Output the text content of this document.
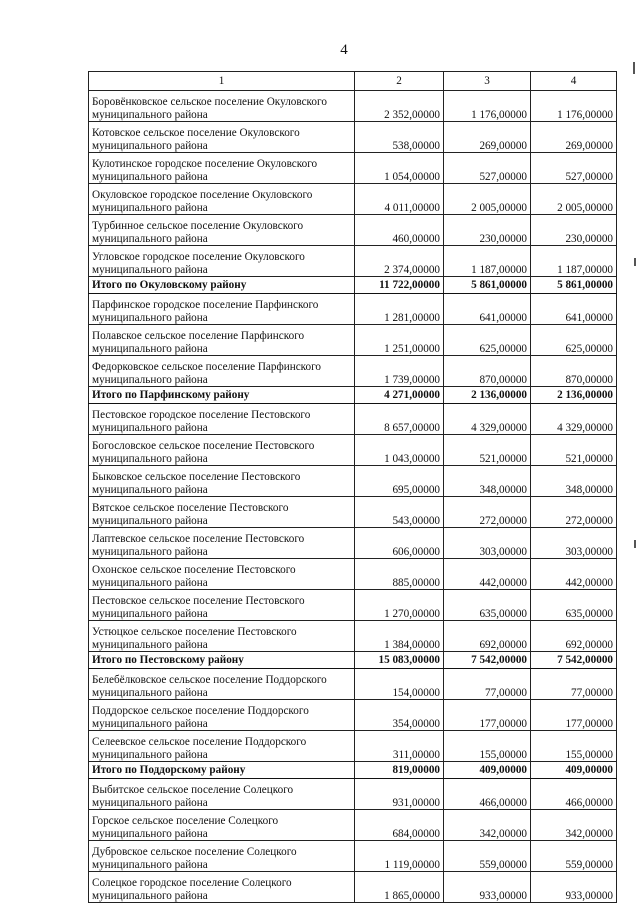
4
1	2	3	4
Боровёнковское сельское поселение Окуловского муниципального района	2 352,00000	1 176,00000	1 176,00000
Котовское сельское поселение Окуловского муниципального района	538,00000	269,00000	269,00000
Кулотинское городское поселение Окуловского муниципального района	1 054,00000	527,00000	527,00000
Окуловское городское поселение Окуловского муниципального района	4 011,00000	2 005,00000	2 005,00000
Турбинное сельское поселение Окуловского муниципального района	460,00000	230,00000	230,00000
Угловское городское поселение Окуловского муниципального района	2 374,00000	1 187,00000	1 187,00000
Итого по Окуловскому району	11 722,00000	5 861,00000	5 861,00000
Парфинское городское поселение Парфинского муниципального района	1 281,00000	641,00000	641,00000
Полавское сельское поселение Парфинского муниципального района	1 251,00000	625,00000	625,00000
Федорковское сельское поселение Парфинского муниципального района	1 739,00000	870,00000	870,00000
Итого по Парфинскому району	4 271,00000	2 136,00000	2 136,00000
Пестовское городское поселение Пестовского муниципального района	8 657,00000	4 329,00000	4 329,00000
Богословское сельское поселение Пестовского муниципального района	1 043,00000	521,00000	521,00000
Быковское сельское поселение Пестовского муниципального района	695,00000	348,00000	348,00000
Вятское сельское поселение Пестовского муниципального района	543,00000	272,00000	272,00000
Лаптевское сельское поселение Пестовского муниципального района	606,00000	303,00000	303,00000
Охонское сельское поселение Пестовского муниципального района	885,00000	442,00000	442,00000
Пестовское сельское поселение Пестовского муниципального района	1 270,00000	635,00000	635,00000
Устюцкое сельское поселение Пестовского муниципального района	1 384,00000	692,00000	692,00000
Итого по Пестовскому району	15 083,00000	7 542,00000	7 542,00000
Белебёлковское сельское поселение Поддорского муниципального района	154,00000	77,00000	77,00000
Поддорское сельское поселение Поддорского муниципального района	354,00000	177,00000	177,00000
Селеевское сельское поселение Поддорского муниципального района	311,00000	155,00000	155,00000
Итого по Поддорскому району	819,00000	409,00000	409,00000
Выбитское сельское поселение Солецкого муниципального района	931,00000	466,00000	466,00000
Горское сельское поселение Солецкого муниципального района	684,00000	342,00000	342,00000
Дубровское сельское поселение Солецкого муниципального района	1 119,00000	559,00000	559,00000
Солецкое городское поселение Солецкого муниципального района	1 865,00000	933,00000	933,00000
